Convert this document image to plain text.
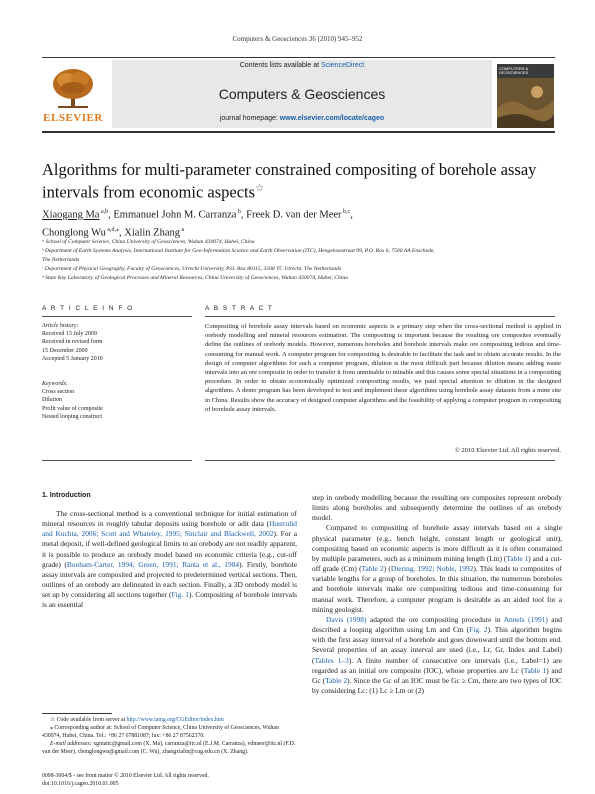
Computers & Geosciences 36 (2010) 945–952
ELSEVIER
Contents lists available at ScienceDirect
Computers & Geosciences
journal homepage: www.elsevier.com/locate/cageo
COMPUTERS & GEOSCIENCES
Algorithms for multi-parameter constrained compositing of borehole assay intervals from economic aspects☆
Xiaogang Ma $^{a,b}$, Emmanuel John M. Carranza $^b$, Freek D. van der Meer $^{b,c}$,
Chonglong Wu $^{a,d,⁎}$, Xialin Zhang $^a$
ᵃ School of Computer Science, China University of Geosciences, Wuhan 430074, Hubei, China
ᵇ Department of Earth Systems Analysis, International Institute for Geo-Information Science and Earth Observation (ITC), Hengelosestraat 99, P.O. Box 6, 7500 AA Enschede,
The Netherlands
ᶜ Department of Physical Geography, Faculty of Geosciences, Utrecht University, P.O. Box 80115, 3508 TC Utrecht, The Netherlands
ᵈ State Key Laboratory of Geological Processes and Mineral Resources, China University of Geosciences, Wuhan 430074, Hubei, China
A R T I C L E I N F O	A B S T R A C T
Article history:
Received 13 July 2009
Received in revised form
15 December 2009
Accepted 5 January 2010
Keywords:
Cross section
Dilution
Profit value of composite
Nested looping construct
Compositing of borehole assay intervals based on economic aspects is a primary step when the cross-sectional method is applied in orebody modelling and mineral resources estimation. The compositing is important because the resulting ore composites eventually define the outlines of orebody models. However, numerous boreholes and borehole intervals make ore compositing tedious and time-consuming for manual work. A computer program for compositing is desirable to facilitate the task and to obtain accurate results. In the design of computer algorithms for such a computer program, dilution is the most difficult part because dilution means adding waste intervals into an ore composite in order to transfer it from unminable to minable and this causes some special situations in a compositing procedure. In order to obtain economically optimized compositing results, we paid special attention to dilution in the designed algorithms. A demo program has been developed to test and implement these algorithms using borehole assay datasets from a mine site in China. Results show the accuracy of designed computer algorithms and the feasibility of applying a computer program in compositing of borehole assay intervals.
© 2010 Elsevier Ltd. All rights reserved.
1. Introduction

The cross-sectional method is a conventional technique for initial estimation of mineral resources in roughly tabular deposits using borehole or adit data (Hustrulid and Kuchta, 2006; Scott and Whateley, 1995; Sinclair and Blackwell, 2002). For a metal deposit, if well-defined geological limits to an orebody are not readily apparent, it is possible to produce an orebody model based on economic criteria (e.g., cut-off grade) (Bonham-Carter, 1994; Green, 1991; Ranta et al., 1984). Firstly, borehole assay intervals are composited and projected to predetermined vertical sections. Then, outlines of an orebody are delineated in each section. Finally, a 3D orebody model is set up by considering all sections together (Fig. 1). Compositing of borehole intervals is an essential

step in orebody modelling because the resulting ore composites represent orebody limits along boreholes and subsequently determine the outlines of an orebody model.

Compared to compositing of borehole assay intervals based on a single physical parameter (e.g., bench height, constant length or geological unit), compositing based on economic aspects is more difficult as it is often constrained by multiple parameters, such as a minimum mining length (Lm) (Table 1) and a cut-off grade (Cm) (Table 2) (Diering, 1992; Noble, 1992). This leads to composites of variable lengths for a group of boreholes. In this situation, the numerous boreholes and borehole intervals make ore compositing tedious and time-consuming for manual work. Therefore, a computer program is desirable as an aided tool for a mining geologist.

Davis (1998) adapted the ore compositing procedure in Annels (1991) and described a looping algorithm using Lm and Cm (Fig. 2). This algorithm begins with the first assay interval of a borehole and goes downward until the bottom end. Several properties of an assay interval are used (i.e., Lr, Gr, Index and Label) (Tables 1–3). A finite number of consecutive ore intervals (i.e., Label=1) are regarded as an initial ore composite (IOC), whose properties are Lc (Table 1) and Gc (Table 2). Since the Gc of an IOC must be Gc ≥ Cm, there are two types of IOC by considering Lc: (1) Lc ≥ Lm or (2)

☆ Code available from server at http://www.iamg.org/CGEditor/index.htm

⁎ Corresponding author at: School of Computer Science, China University of Geosciences, Wuhan 430074, Hubei, China. Tel.: +86 27 67881087; fax: +86 27 87562370.

E-mail addresses: xgmaitc@gmail.com (X. Ma), carranza@itc.nl (E.J.M. Carranza), vdmeer@itc.nl (F.D. van der Meer), chonglongwu@gmail.com (C. Wu), zhangxialin@cug.edu.cn (X. Zhang).

0098-3004/$ - see front matter © 2010 Elsevier Ltd. All rights reserved.
doi:10.1016/j.cageo.2010.01.005
